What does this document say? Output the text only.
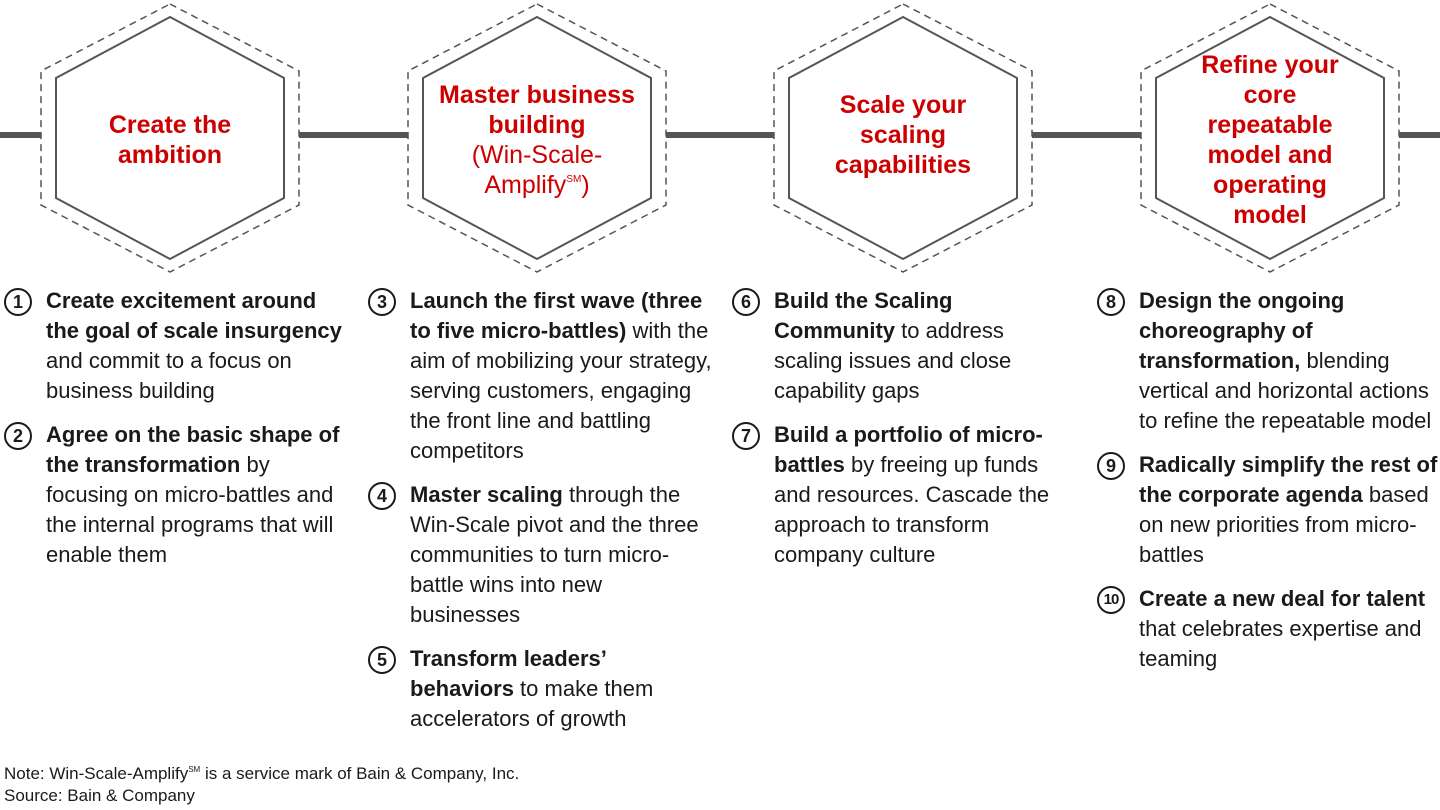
Create the ambition
Master business building
(Win-Scale-Amplify℠)
Scale your scaling capabilities
Refine your core repeatable model and operating model
1	Create excitement around the goal of scale insurgency and commit to a focus on business building
2	Agree on the basic shape of the transformation by focusing on micro-battles and the internal programs that will enable them
3	Launch the first wave (three to five micro-battles) with the aim of mobilizing your strategy, serving customers, engaging the front line and battling competitors
4	Master scaling through the Win-Scale pivot and the three communities to turn micro-battle wins into new businesses
5	Transform leaders’ behaviors to make them accelerators of growth
6	Build the Scaling Community to address scaling issues and close capability gaps
7	Build a portfolio of micro-battles by freeing up funds and resources. Cascade the approach to transform company culture
8	Design the ongoing choreography of transformation, blending vertical and horizontal actions to refine the repeatable model
9	Radically simplify the rest of the corporate agenda based on new priorities from micro-battles
10 Create a new deal for talent that celebrates expertise and teaming
Note: Win-Scale-Amplify℠ is a service mark of Bain & Company, Inc.
Source: Bain & Company
